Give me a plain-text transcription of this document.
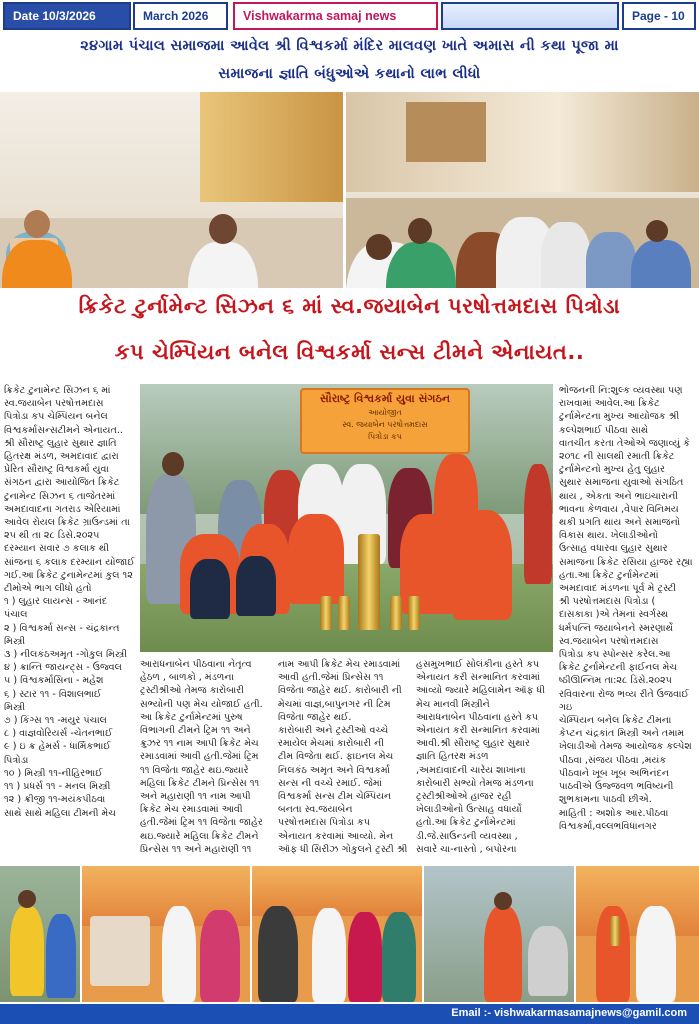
Date 10/3/2026	March 2026	Vishwakarma samaj news	Page - 10
૨૪ગામ પંચાલ સમાજમા આવેલ શ્રી વિશ્વકર્મા મંદિર માલવણ ખાતે અમાસ ની કથા પૂજા મા
સમાજના જ્ઞાતિ બંધુઓએ કથાનો લાભ લીધો
ક્રિકેટ ટુર્નામેન્ટ સિઝન ૬ માં સ્વ.જયાબેન પરષોત્તમદાસ પિત્રોડા
કપ ચેમ્પિયન બનેલ વિશ્વકર્મા સન્સ ટીમને એનાયત..
ક્રિકેટ ટુનામેન્ટ સિઝન ૬ માં
સ્વ.જયાબેન પરષોત્તમદાસ
પિત્રોડા કપ ચેમ્પિયન બનેલ
વિશ્વકર્માસન્સટીમને એનાયત..
શ્રી સૌરાષ્ટ્ર લુહાર સુથાર જ્ઞાતિ
હિતરક્ષ મંડળ, અમદાવાદ દ્વારા
પ્રેરિત સૌરાષ્ટ્ર વિશ્વકર્મા યુવા
સંગઠન દ્વારા આયોજિત ક્રિકેટ
ટુનામેન્ટ સિઝન ૬ તાજેતરમાં
અમદાવાદના ગતરાડ એરિયામાં
આવેલ રોયલ ક્રિકેટ ગ્રાઉન્ડમાં તા
૨૫ થી તા ૨૮ ડિસે.૨૦૨૫
દરમ્યાન સવાર ૭ કલાક થી
સાંજના ૬ કલાક દરમ્યાન યોજાઈ
ગઈ.આ ક્રિકેટ ટુનામેન્ટમાં કુલ ૧૨
ટીમોએ ભાગ લીધો હતો
૧ ) લુહાર લાયન્સ - આનંદ
પંચાલ
૨ ) વિશ્વકર્મા સન્સ - ચંદ્રકાન્ત
મિસ્ત્રી
૩ ) નીલકંઠઅમૃત -ગોકુલ મિસ્ત્રી
૪ ) ક્રાન્તિ જાયન્ટ્સ - ઉજ્વલ
૫ ) વિશ્વકર્માસિના - મહેશ
૬ ) સ્ટાર ૧૧ - વિશાલભાઈ
મિસ્ત્રી
૭ ) કિંગ્સ ૧૧ -મયુર પંચાલ
૮ ) વાજ્ઞવોરિયર્સ -ચેતનભાઈ
૯ ) ઇ ક્ર હેમર્સ - ધાર્મિકભાઈ
પિત્રોડા
૧૦ ) મિસ્ત્રી ૧૧-નીહિરભાઈ
૧૧ ) પ્રધર્સ ૧૧ - મનલ મિસ્ત્રી
૧૨ ) ક્રીજી ૧૧-મયંકપીઠવા
સાથે સાથે મહિલા ટીમની મેચ
સૌરાષ્ટ્ર વિશ્વકર્મા યુવા સંગઠન
આયોજીત
સ્વ. જયાબેન પરષોત્તમદાસ
પિત્રોડા કપ
આરાધનાબેન પીઠવાના નેતૃત્વ
હેઠળ , બાળકો , મંડળના
ટ્રસ્ટીશ્રીઓ તેમજ કારોબારી
સભ્યોની પણ મેચ યોજાઈ હતી.
આ ક્રિકેટ ટુર્નામેન્ટમાં પુરુષ
વિભાગની ટીમને ટ્રિમ ૧૧ અને
ક્રુઝર ૧૧ નામ આપી ક્રિકેટ મેચ
રમાડવામાં આવી હતી.જેમાં ટ્રિમ
૧૧ વિજેતા જાહેર થઇ.જ્યારે
મહિલા ક્રિકેટ ટીમને પ્રિન્સેસ ૧૧
અને મહારાણી ૧૧ નામ આપી
ક્રિકેટ મેચ રમાડવામાં આવી
હતી.જેમાં ટ્રિમ ૧૧ વિજેતા જાહેર
થઇ.જ્યારે મહિલા ક્રિકેટ ટીમને
પ્રિન્સેસ ૧૧ અને મહારાણી ૧૧
નામ આપી ક્રિકેટ મેચ રમાડવામાં
આવી હતી.જેમાં પ્રિન્સેસ ૧૧
વિજેતા જાહેર થઈ. કારોબારી ની
મેચમાં વાજ્ઞ,બાપુનગર ની ટિમ
વિજેતા જાહેર થઈ.
કારોબારી અને ટ્રસ્ટીઓ વચ્ચે
રમાયેલ મેચમાં કારોબારી ની
ટીમ વિજેતા થઈ. ફાઇનલ મેચ
નિલકંઠ અમૃત અને વિશ્વકર્મા
સન્સ ની વચ્ચે રમાઈ. જેમાં
વિશ્વકર્મા સન્સ ટીમ ચેમ્પિયન
બનતા સ્વ.જયાબેન
પરષોત્તમદાસ પિત્રોડા કપ
એનાયત કરવામાં આવ્યો. મેન
ઑફ ધી સિરીઝ ગોકુલને ટ્રસ્ટી શ્રી
હસમુખભાઈ સોલંકીના હસ્તે કપ
એનાયત કરી સન્માનિત કરવામાં
આવ્યો જ્યારે મહિલામેન ઑફ ધી
મેચ માનવી મિસ્ત્રીને
આરાધનાબેન પીઠવાના હસ્તે કપ
એનાયત કરી સન્માનિત કરવામાં
આવી.શ્રી સૌરાષ્ટ્ર લુહાર સુથાર
જ્ઞાતિ હિતરક્ષ મંડળ
,અમદાવાદની ચારેય શાખાના
કારોબારી સભ્યો તેમજ મંડળના
ટ્રસ્ટીશ્રીઓએ હાજર રહી
ખેલાડીઓનો ઉત્સાહ વધાર્યો
હતો.આ ક્રિકેટ ટુર્નામેન્ટમાં
ડી.જે.સાઉન્ડની વ્યવસ્થા ,
સવારે ચા-નાસ્તો , બપોરના
ભોજનની નિ:શુલ્ક વ્યવસ્થા પણ
રાખવામાં આવેલ.આ ક્રિકેટ
ટુર્નામેન્ટના મુખ્ય આયોજક શ્રી
કલ્પેશભાઈ પીઠવા સાથે
વાતચીત કરતા તેઓએ જણાવ્યું કે
૨૦૧૮ ની સાલથી રમાતી ક્રિકેટ
ટુર્નામેન્ટનો મુખ્ય હેતુ લુહાર
સુથાર સમાજના યુવાઓ સંગઠિત
થાય , એકતા અને ભાઇચારાની
ભાવના કેળવાય ,વેપાર વિનિમય
થકી પ્રગતિ થાય અને સમાજનો
વિકાસ થાય. ખેલાડીઓનો
ઉત્સાહ વધારવા લુહાર સુથાર
સમાજના ક્રિકેટ રસિયા હાજર રહ્યા
હતા.આ ક્રિકેટ ટુર્નામેન્ટમાં
અમદાવાદ મંડળના પૂર્વ મે ટ્રસ્ટી
શ્રી પરષોત્તમદાસ પિત્રોડા (
દાસકાકા )એ તેમનાં સ્વર્ગસ્થ
ધર્મપત્નિ જયાબેનને સ્મરણાર્થે
સ્વ.જયાબેન પરષોત્તમદાસ
પિત્રોડા કપ સ્પોન્સર કરેલ.આ
ક્રિકેટ ટુર્નામેન્ટની ફાઈનલ મેચ
ષ્ઠીઊન્નિમ તા:૨૮ ડિસે.૨૦૨૫
રવિવારના રોજ ભવ્ય રીતે ઉજવાઈ
ગઇ
ચેમ્પિયન બનેલ ક્રિકેટ ટીમના
કેપ્ટન ચંદ્રકાંત મિસ્ત્રી અને તમામ
ખેલાડીઓ તેમજ આયોજક કલ્પેશ
પીઠવા ,સંજય પીઠવા ,મયંક
પીઠવાને ખૂબ ખૂબ અભિનંદન
પાઠવીએ ઉજ્જવળ ભવિષ્યની
શુભકામના પાઠવી છીએ.
માહિતી : અશોક આર.પીઠવા
વિશ્વકર્મા,વલ્લભવિધાનગર
Email :- vishwakarmasamajnews@gamil.com
